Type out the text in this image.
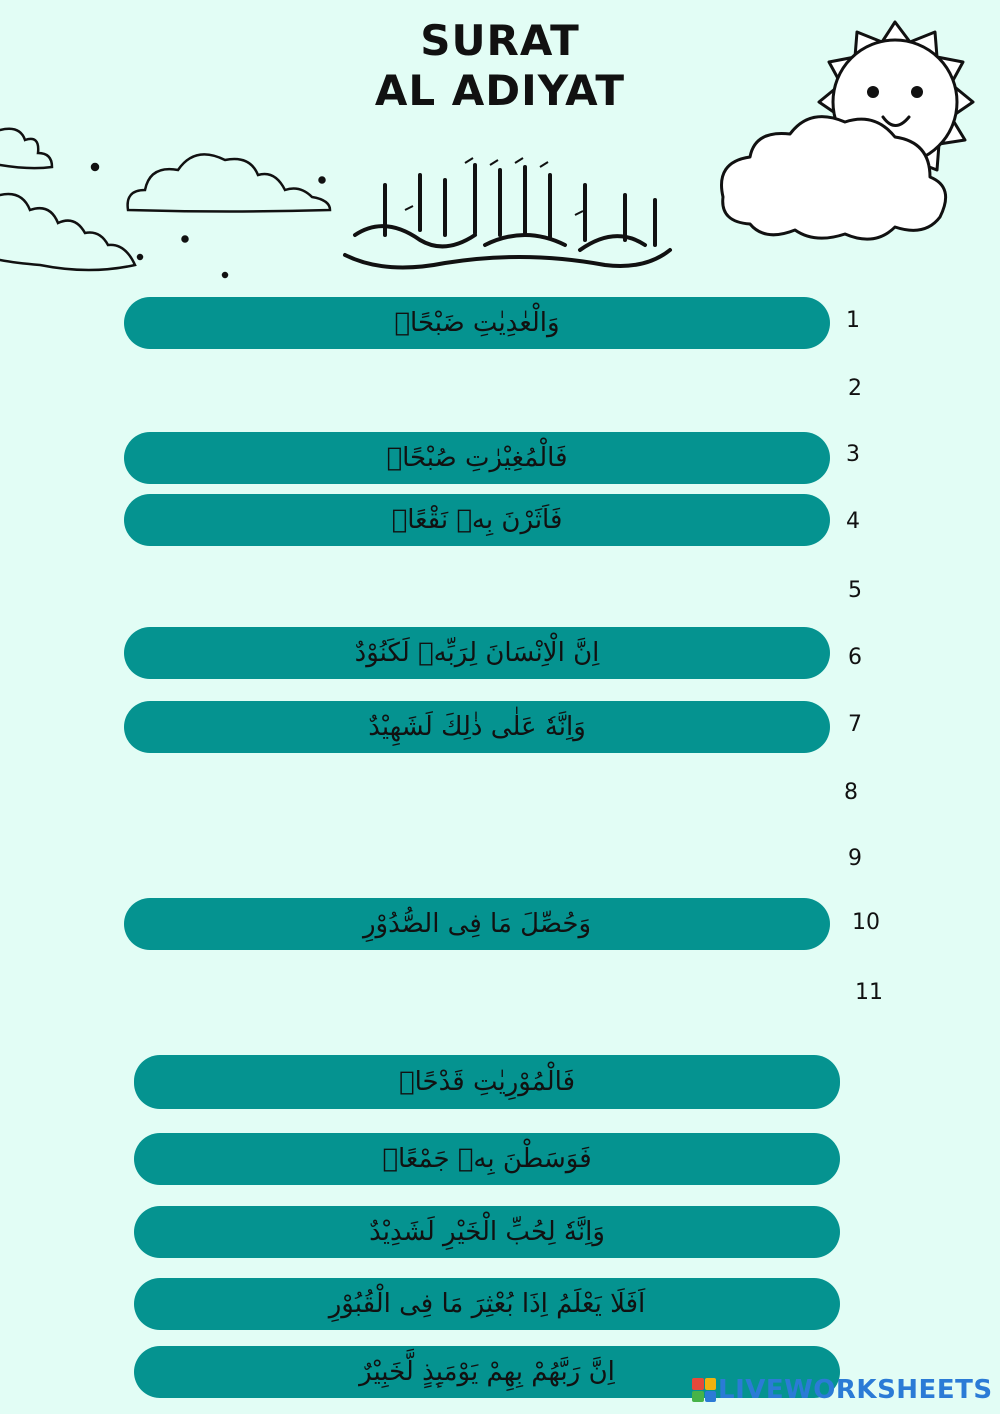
SURAT
AL ADIYAT
1
2
3
4
5
6
7
8
9
10
11
وَالْعٰدِيٰتِ ضَبْحًاۙ
فَالْمُغِيْرٰتِ صُبْحًاۙ
فَاَثَرْنَ بِهٖ نَقْعًاۙ
اِنَّ الْاِنْسَانَ لِرَبِّهٖ لَكَنُوْدٌ
وَاِنَّهٗ عَلٰى ذٰلِكَ لَشَهِيْدٌ
وَحُصِّلَ مَا فِى الصُّدُوْرِ
فَالْمُوْرِيٰتِ قَدْحًاۙ
فَوَسَطْنَ بِهٖ جَمْعًاۙ
وَاِنَّهٗ لِحُبِّ الْخَيْرِ لَشَدِيْدٌ
اَفَلَا يَعْلَمُ اِذَا بُعْثِرَ مَا فِى الْقُبُوْرِ
اِنَّ رَبَّهُمْ بِهِمْ يَوْمَىِٕذٍ لَّخَبِيْرٌ
LIVEWORKSHEETS
